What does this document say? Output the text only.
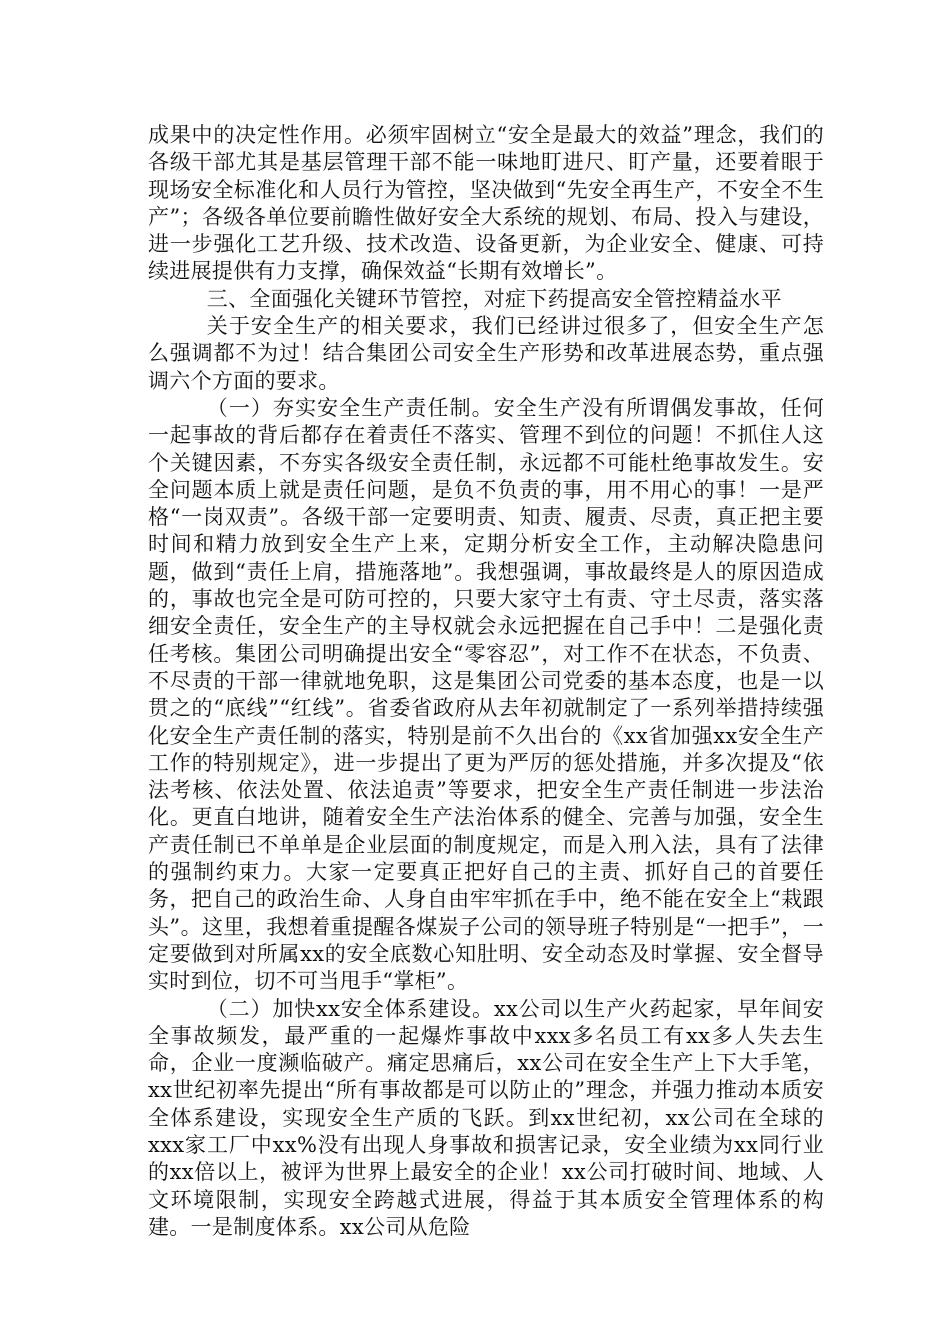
成果中的决定性作用。必须牢固树立“安全是最大的效益”理念，我们的各级干部尤其是基层管理干部不能一味地盯进尺、盯产量，还要着眼于现场安全标准化和人员行为管控，坚决做到“先安全再生产，不安全不生产”；各级各单位要前瞻性做好安全大系统的规划、布局、投入与建设，进一步强化工艺升级、技术改造、设备更新，为企业安全、健康、可持续进展提供有力支撑，确保效益“长期有效增长”。

三、全面强化关键环节管控，对症下药提高安全管控精益水平

关于安全生产的相关要求，我们已经讲过很多了，但安全生产怎么强调都不为过！结合集团公司安全生产形势和改革进展态势，重点强调六个方面的要求。

（一）夯实安全生产责任制。安全生产没有所谓偶发事故，任何一起事故的背后都存在着责任不落实、管理不到位的问题！不抓住人这个关键因素，不夯实各级安全责任制，永远都不可能杜绝事故发生。安全问题本质上就是责任问题，是负不负责的事，用不用心的事！一是严格“一岗双责”。各级干部一定要明责、知责、履责、尽责，真正把主要时间和精力放到安全生产上来，定期分析安全工作，主动解决隐患问题，做到“责任上肩，措施落地”。我想强调，事故最终是人的原因造成的，事故也完全是可防可控的，只要大家守土有责、守土尽责，落实落细安全责任，安全生产的主导权就会永远把握在自己手中！二是强化责任考核。集团公司明确提出安全“零容忍”，对工作不在状态，不负责、不尽责的干部一律就地免职，这是集团公司党委的基本态度，也是一以贯之的“底线”“红线”。省委省政府从去年初就制定了一系列举措持续强化安全生产责任制的落实，特别是前不久出台的《xx省加强xx安全生产工作的特别规定》，进一步提出了更为严厉的惩处措施，并多次提及“依法考核、依法处置、依法追责”等要求，把安全生产责任制进一步法治化。更直白地讲，随着安全生产法治体系的健全、完善与加强，安全生产责任制已不单单是企业层面的制度规定，而是入刑入法，具有了法律的强制约束力。大家一定要真正把好自己的主责、抓好自己的首要任务，把自己的政治生命、人身自由牢牢抓在手中，绝不能在安全上“栽跟头”。这里，我想着重提醒各煤炭子公司的领导班子特别是“一把手”，一定要做到对所属xx的安全底数心知肚明、安全动态及时掌握、安全督导实时到位，切不可当甩手“掌柜”。

（二）加快xx安全体系建设。xx公司以生产火药起家，早年间安全事故频发，最严重的一起爆炸事故中xxx多名员工有xx多人失去生命，企业一度濒临破产。痛定思痛后，xx公司在安全生产上下大手笔，xx世纪初率先提出“所有事故都是可以防止的”理念，并强力推动本质安全体系建设，实现安全生产质的飞跃。到xx世纪初，xx公司在全球的xxx家工厂中xx%没有出现人身事故和损害记录，安全业绩为xx同行业的xx倍以上，被评为世界上最安全的企业！xx公司打破时间、地域、人文环境限制，实现安全跨越式进展，得益于其本质安全管理体系的构建。一是制度体系。xx公司从危险
